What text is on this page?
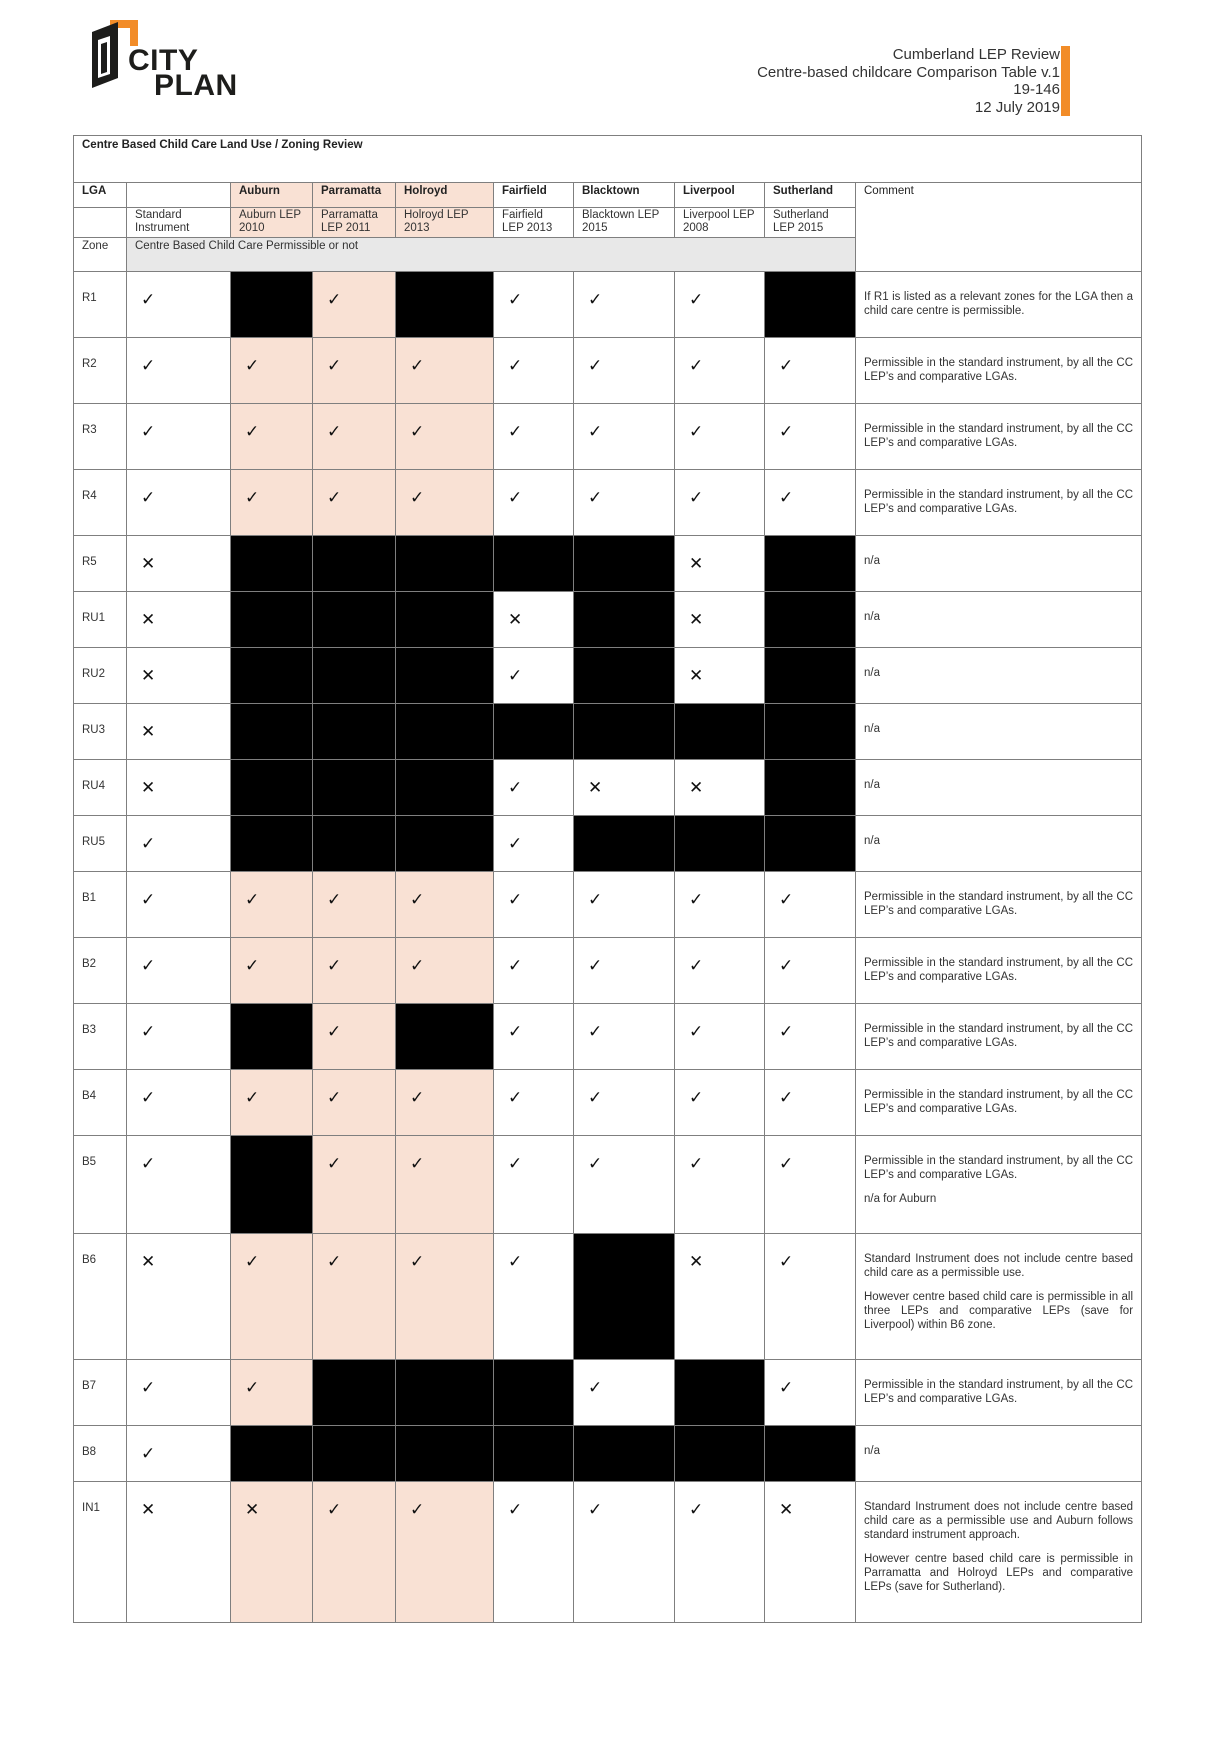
CITY
PLAN
Cumberland LEP Review
Centre-based childcare Comparison Table v.1
19-146
12 July 2019
Centre Based Child Care Land Use / Zoning Review									
LGA		Auburn	Parramatta	Holroyd	Fairfield	Blacktown	Liverpool	Sutherland	Comment
	Standard Instrument	Auburn LEP 2010	Parramatta LEP 2011	Holroyd LEP 2013	Fairfield LEP 2013	Blacktown LEP 2015	Liverpool LEP 2008	Sutherland LEP 2015	
Zone	Centre Based Child Care Permissible or not								
R1	✓		✓		✓	✓	✓		If R1 is listed as a relevant zones for the LGA then a child care centre is permissible.

R2	✓	✓	✓	✓	✓	✓	✓	✓	Permissible in the standard instrument, by all the CC LEP’s and comparative LGAs.

R3	✓	✓	✓	✓	✓	✓	✓	✓	Permissible in the standard instrument, by all the CC LEP’s and comparative LGAs.

R4	✓	✓	✓	✓	✓	✓	✓	✓	Permissible in the standard instrument, by all the CC LEP’s and comparative LGAs.

R5	✕						✕		n/a

RU1	✕				✕		✕		n/a

RU2	✕				✓		✕		n/a

RU3	✕								n/a

RU4	✕				✓	✕	✕		n/a

RU5	✓				✓				n/a

B1	✓	✓	✓	✓	✓	✓	✓	✓	Permissible in the standard instrument, by all the CC LEP’s and comparative LGAs.

B2	✓	✓	✓	✓	✓	✓	✓	✓	Permissible in the standard instrument, by all the CC LEP’s and comparative LGAs.

B3	✓		✓		✓	✓	✓	✓	Permissible in the standard instrument, by all the CC LEP’s and comparative LGAs.

B4	✓	✓	✓	✓	✓	✓	✓	✓	Permissible in the standard instrument, by all the CC LEP’s and comparative LGAs.

B5	✓		✓	✓	✓	✓	✓	✓	Permissible in the standard instrument, by all the CC LEP’s and comparative LGAs.

n/a for Auburn

B6	✕	✓	✓	✓	✓		✕	✓	Standard Instrument does not include centre based child care as a permissible use.

However centre based child care is permissible in all three LEPs and comparative LEPs (save for Liverpool) within B6 zone.

B7	✓	✓				✓		✓	Permissible in the standard instrument, by all the CC LEP’s and comparative LGAs.

B8	✓								n/a

IN1	✕	✕	✓	✓	✓	✓	✓	✕	Standard Instrument does not include centre based child care as a permissible use and Auburn follows standard instrument approach.

However centre based child care is permissible in Parramatta and Holroyd LEPs and comparative LEPs (save for Sutherland).
